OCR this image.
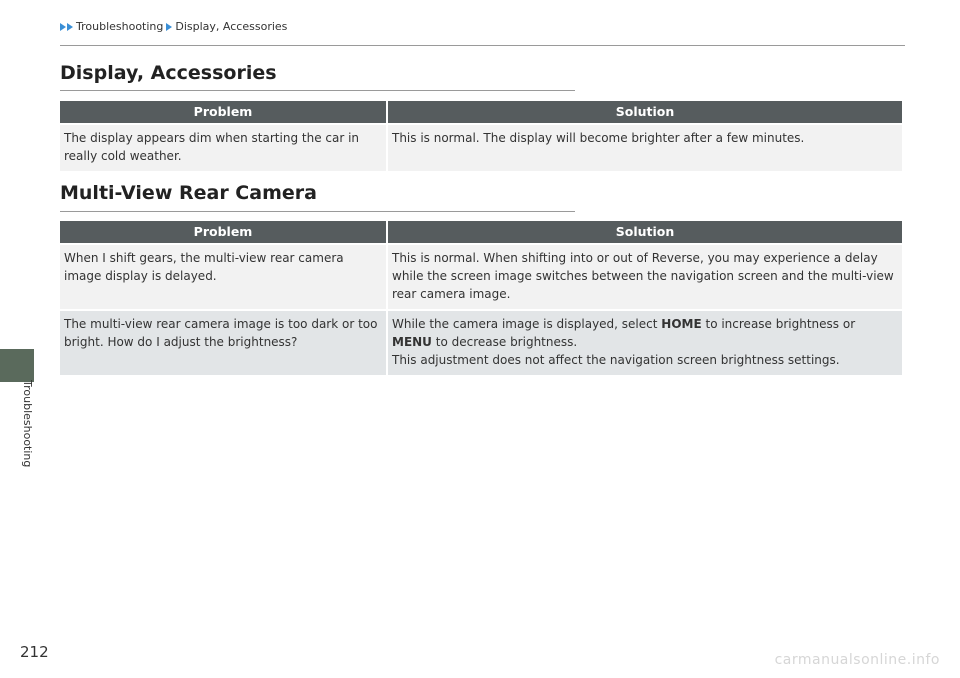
Troubleshooting Display, Accessories
Troubleshooting
Display, Accessories
Problem	Solution
The display appears dim when starting the car in really cold weather.	This is normal. The display will become brighter after a few minutes.
Multi-View Rear Camera
Problem	Solution
When I shift gears, the multi-view rear camera image display is delayed.	This is normal. When shifting into or out of Reverse, you may experience a delay while the screen image switches between the navigation screen and the multi-view rear camera image.
The multi-view rear camera image is too dark or too bright. How do I adjust the brightness?	While the camera image is displayed, select HOME to increase brightness or MENU to decrease brightness.
This adjustment does not affect the navigation screen brightness settings.
212	carmanualsonline.info
